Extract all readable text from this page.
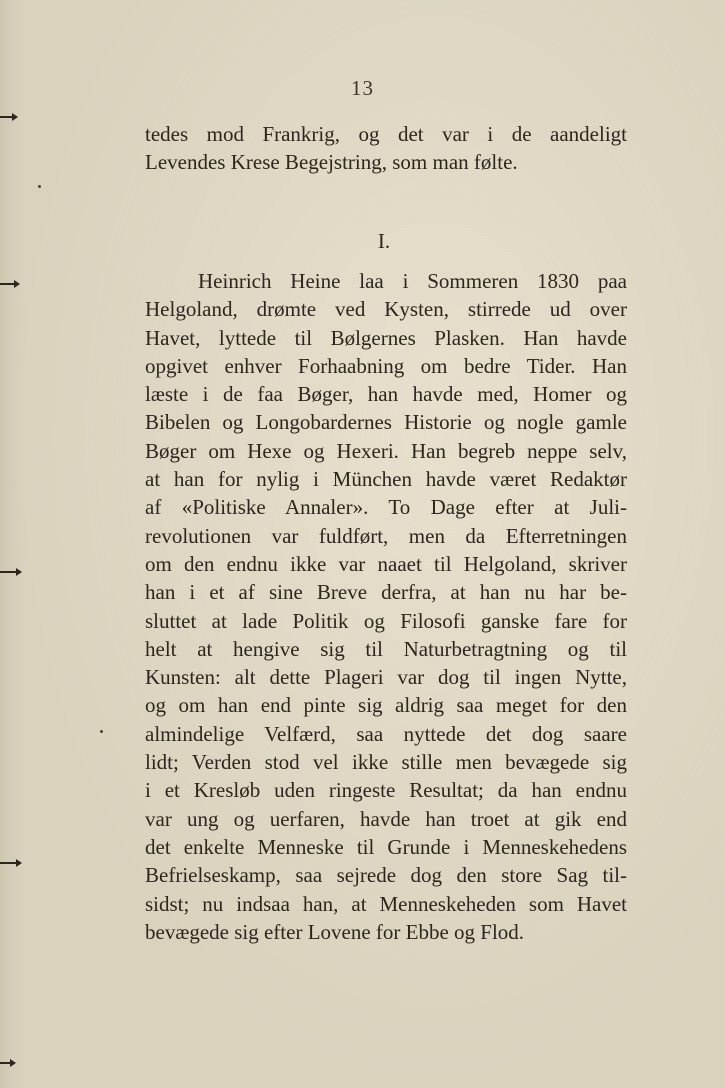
13
tedes mod Frankrig, og det var i de aandeligt
Levendes Krese Begejstring, som man følte.
I.
Heinrich Heine laa i Sommeren 1830 paa
Helgoland, drømte ved Kysten, stirrede ud over
Havet, lyttede til Bølgernes Plasken. Han havde
opgivet enhver Forhaabning om bedre Tider. Han
læste i de faa Bøger, han havde med, Homer og
Bibelen og Longobardernes Historie og nogle gamle
Bøger om Hexe og Hexeri. Han begreb neppe selv,
at han for nylig i München havde været Redaktør
af «Politiske Annaler». To Dage efter at Juli-
revolutionen var fuldført, men da Efterretningen
om den endnu ikke var naaet til Helgoland, skriver
han i et af sine Breve derfra, at han nu har be-
sluttet at lade Politik og Filosofi ganske fare for
helt at hengive sig til Naturbetragtning og til
Kunsten: alt dette Plageri var dog til ingen Nytte,
og om han end pinte sig aldrig saa meget for den
almindelige Velfærd, saa nyttede det dog saare
lidt; Verden stod vel ikke stille men bevægede sig
i et Kresløb uden ringeste Resultat; da han endnu
var ung og uerfaren, havde han troet at gik end
det enkelte Menneske til Grunde i Menneskehedens
Befrielseskamp, saa sejrede dog den store Sag til-
sidst; nu indsaa han, at Menneskeheden som Havet
bevægede sig efter Lovene for Ebbe og Flod.
